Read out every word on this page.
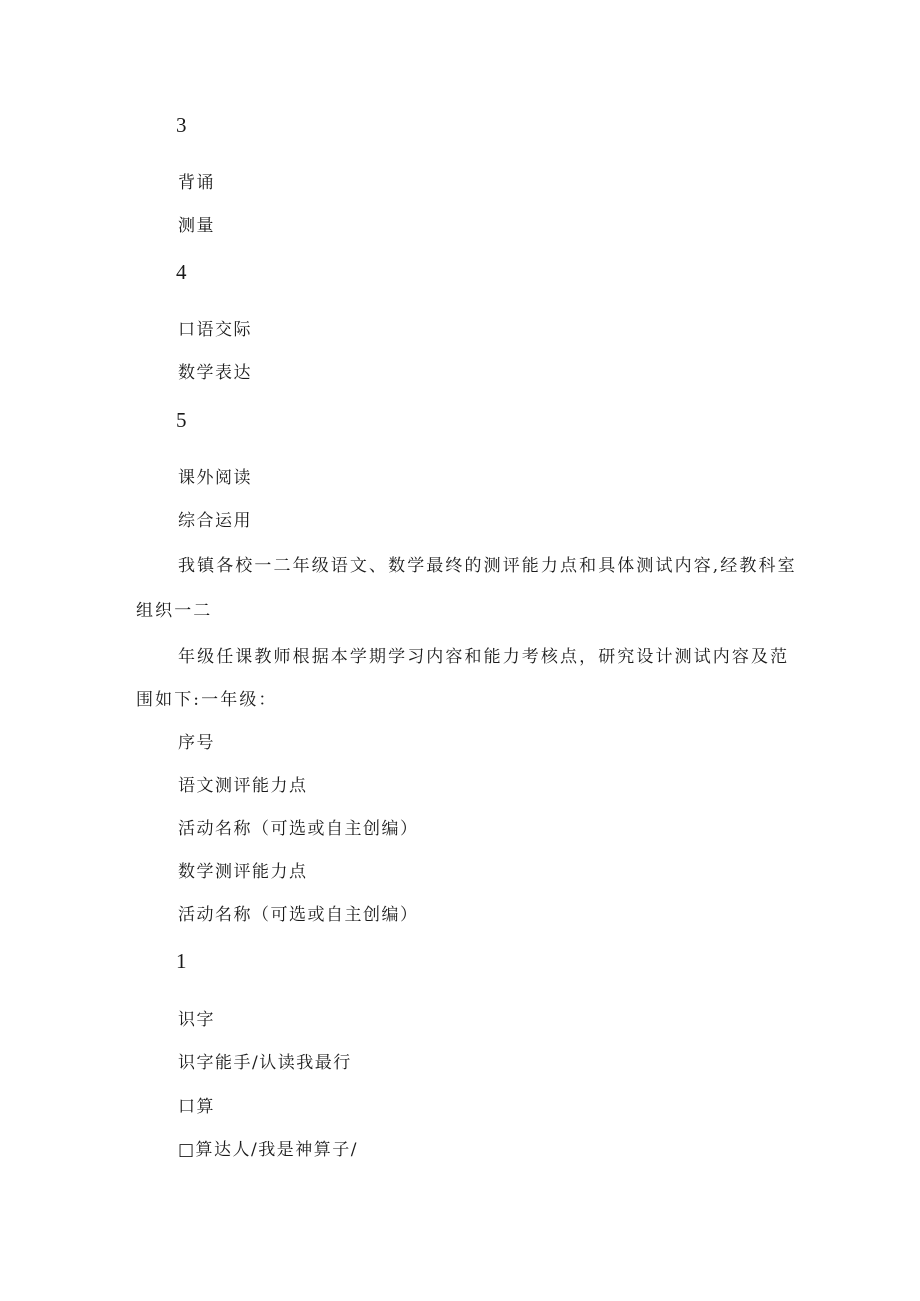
3
背诵
测量
4
口语交际
数学表达
5
课外阅读
综合运用
我镇各校一二年级语文、数学最终的测评能力点和具体测试内容,经教科室
组织一二
年级任课教师根据本学期学习内容和能力考核点，研究设计测试内容及范
围如下:一年级：
序号
语文测评能力点
活动名称（可选或自主创编）
数学测评能力点
活动名称（可选或自主创编）
1
识字
识字能手/认读我最行
口算
□算达人/我是神算子/
